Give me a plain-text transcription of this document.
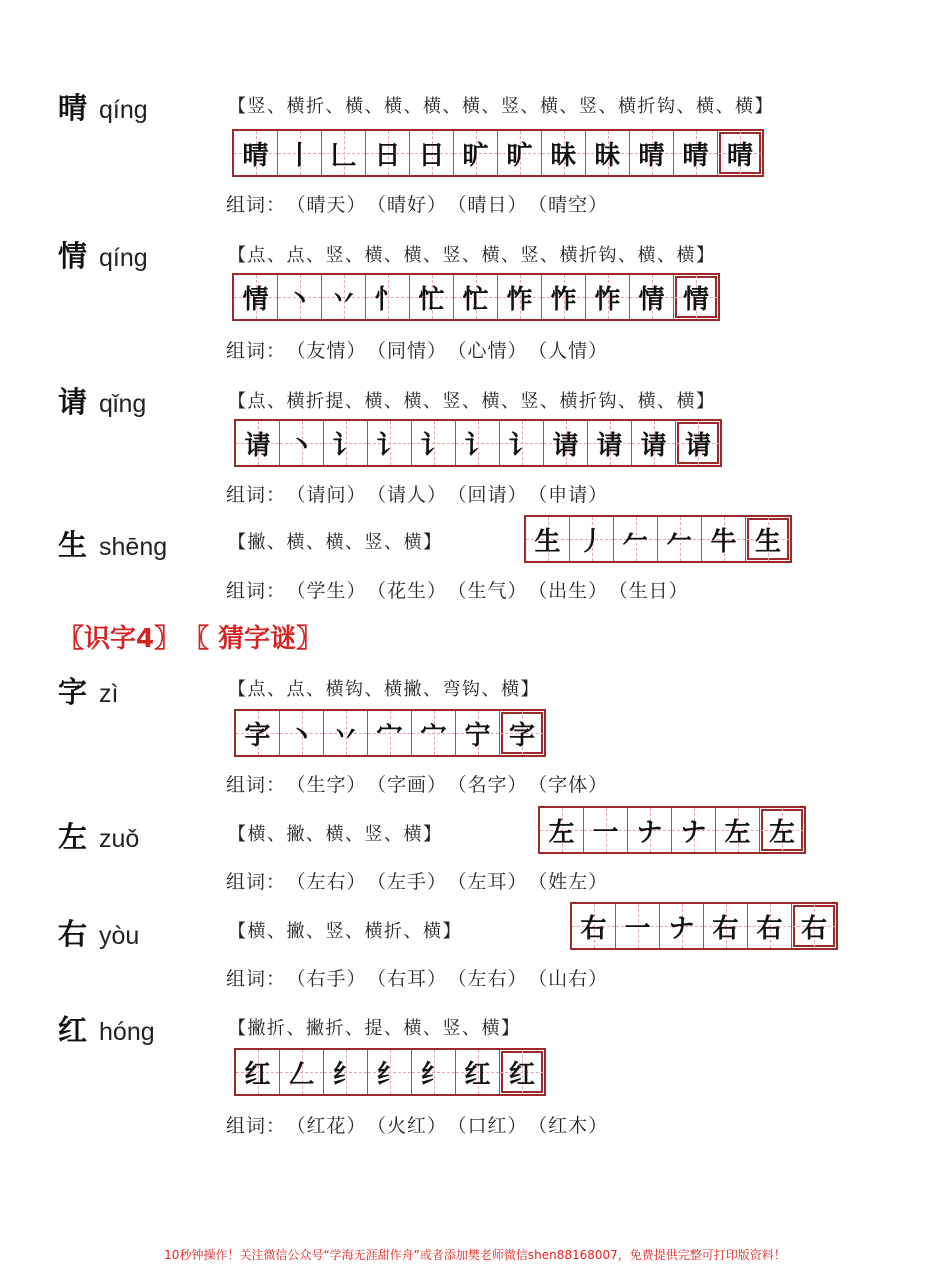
晴 qíng	【竖、横折、横、横、横、横、竖、横、竖、横折钩、横、横】
晴 丨 𠃊 日 日 旷 旷 昧 昧 晴 晴 晴
组词： （晴天） （晴好） （晴日） （晴空）
情 qíng	【点、点、竖、横、横、竖、横、竖、横折钩、横、横】
情 丶 丷 忄 忙 忙 怍 怍 怍 情 情
组词： （友情） （同情） （心情） （人情）
请 qǐng	【点、横折提、横、横、竖、横、竖、横折钩、横、横】
请 丶 讠 讠 讠 讠 讠 请 请 请 请
组词： （请问） （请人） （回请） （申请）
生 shēng	【撇、横、横、竖、横】	生 丿 𠂉 𠂉 牛 生
组词： （学生） （花生） （生气） （出生） （生日）
〖识字4〗 〖 猜字谜〗
字 zì	【点、点、横钩、横撇、弯钩、横】
字 丶 丷 宀 宀 宁 字
组词： （生字） （字画） （名字） （字体）
左 zuǒ	【横、撇、横、竖、横】	左 一 ナ ナ 左 左
组词： （左右） （左手） （左耳） （姓左）
右 yòu	【横、撇、竖、横折、横】	右 一 ナ 右 右 右
组词： （右手） （右耳） （左右） （山右）
红 hóng	【撇折、撇折、提、横、竖、横】
红 𠃋 纟 纟 纟 红 红
组词： （红花） （火红） （口红） （红木）
10秒钟操作！关注微信公众号“学海无涯甜作舟”或者添加樊老师微信shen88168007，免费提供完整可打印版资料！
